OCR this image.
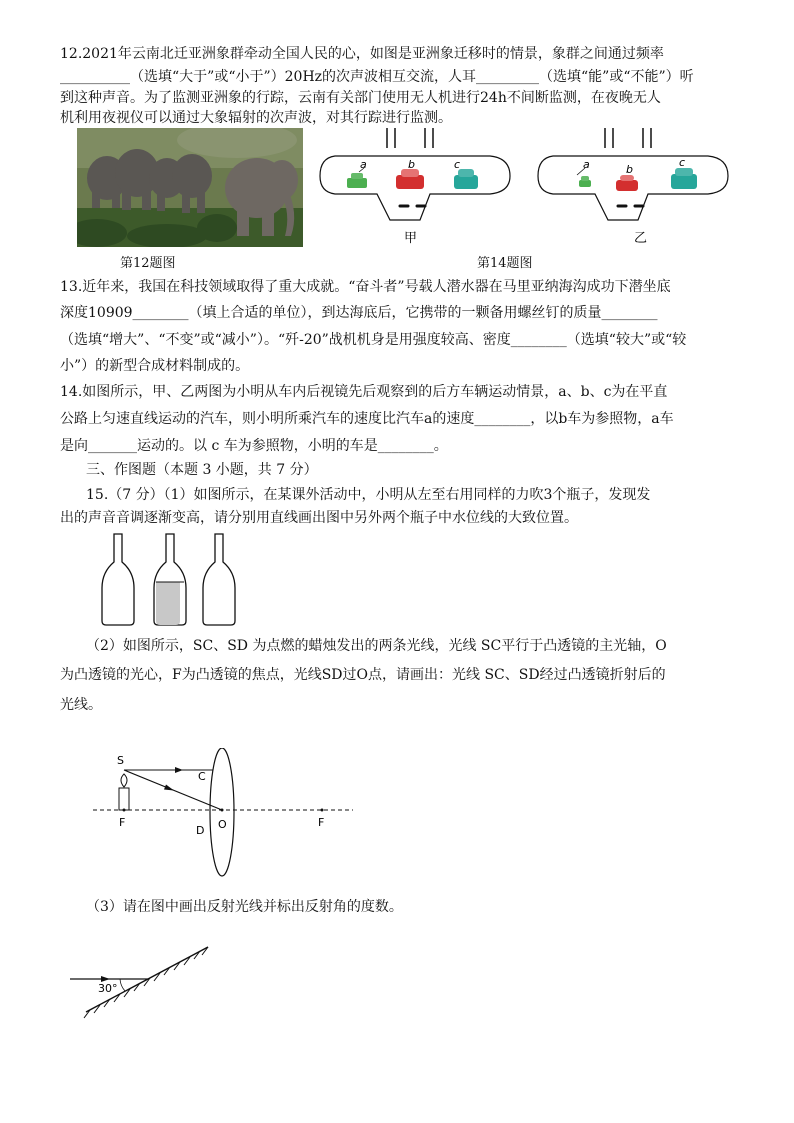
12.2021年云南北迁亚洲象群牵动全国人民的心，如图是亚洲象迁移时的情景，象群之间通过频率
__________（选填“大于”或“小于”）20Hz的次声波相互交流，人耳_________（选填“能”或“不能”）听
到这种声音。为了监测亚洲象的行踪，云南有关部门使用无人机进行24h不间断监测，在夜晚无人
机利用夜视仪可以通过大象辐射的次声波，对其行踪进行监测。
a	b	c	a	b
c
甲	乙
第12题图	第14题图
13.近年来，我国在科技领域取得了重大成就。“奋斗者”号载人潜水器在马里亚纳海沟成功下潜坐底
深度10909________（填上合适的单位），到达海底后，它携带的一颗备用螺丝钉的质量________
（选填“增大”、“不变”或“减小”）。“歼-20”战机机身是用强度较高、密度________（选填“较大”或“较
小”）的新型合成材料制成的。
14.如图所示，甲、乙两图为小明从车内后视镜先后观察到的后方车辆运动情景，a、b、c为在平直
公路上匀速直线运动的汽车，则小明所乘汽车的速度比汽车a的速度________，以b车为参照物，a车
是向_______运动的。以 c 车为参照物，小明的车是________。
三、作图题（本题 3 小题，共 7 分）
15.（7 分）（1）如图所示，在某课外活动中，小明从左至右用同样的力吹3个瓶子，发现发
出的声音音调逐渐变高，请分别用直线画出图中另外两个瓶子中水位线的大致位置。
（2）如图所示，SC、SD 为点燃的蜡烛发出的两条光线，光线 SC平行于凸透镜的主光轴，O
为凸透镜的光心，F为凸透镜的焦点，光线SD过O点，请画出：光线 SC、SD经过凸透镜折射后的
光线。
S
C
D O
F	F
（3）请在图中画出反射光线并标出反射角的度数。
30°
